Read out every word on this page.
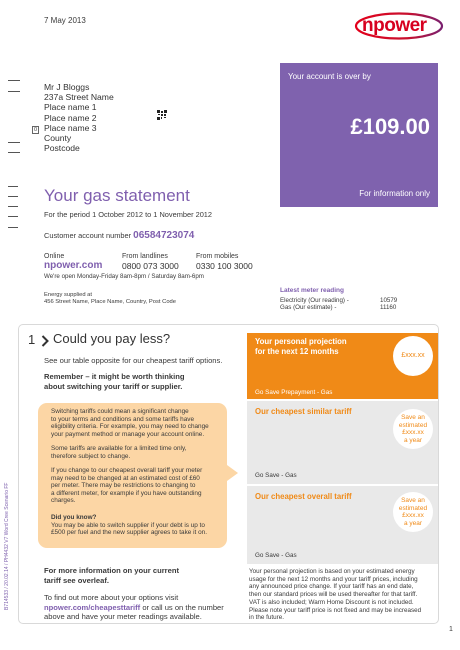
7 May 2013	npower
Mr J Bloggs
237a Street Name
Place name 1
Place name 2
Place name 3
County
Postcode
0
Your account is over by
£109.00
For information only
Your gas statement
For the period 1 October 2012 to 1 November 2012
Customer account number 06584723074
Online
npower.com
From landlines
0800 073 3000
From mobiles
0330 100 3000
We're open Monday-Friday 8am-8pm / Saturday 8am-6pm
Energy supplied at
456 Street Name, Place Name, Country, Post Code
Latest meter reading
Electricity (Our reading) -	10579
Gas (Our estimate) -	11160
B714533 / 20.02.14 / PH4432 V7 Word Cree Scenario FF
1 Could you pay less?
See our table opposite for our cheapest tariff options.
Remember – it might be worth thinking
about switching your tariff or supplier.
Switching tariffs could mean a significant change
to your terms and conditions and some tariffs have
eligibility criteria. For example, you may need to change
your payment method or manage your account online.
Some tariffs are available for a limited time only,
therefore subject to change.
If you change to our cheapest overall tariff your meter
may need to be changed at an estimated cost of £60
per meter. There may be restrictions to changing to
a different meter, for example if you have outstanding
charges.
Did you know?
You may be able to switch supplier if your debt is up to
£500 per fuel and the new supplier agrees to take it on.
For more information on your current
tariff see overleaf.
To find out more about your options visit
npower.com/cheapesttariff or call us on the number
above and have your meter readings available.
Your personal projection
for the next 12 months	£xxx.xx
Go Save Prepayment - Gas
Our cheapest similar tariff
Save an
estimated
£xxx.xx
a year
Go Save - Gas
Our cheapest overall tariff	Save an
estimated
£xxx.xx
a year
Go Save - Gas
Your personal projection is based on your estimated energy
usage for the next 12 months and your tariff prices, including
any announced price change. If your tariff has an end date,
then our standard prices will be used thereafter for that tariff.
VAT is also included; Warm Home Discount is not included.
Please note your tariff price is not fixed and may be increased
in the future.
1
